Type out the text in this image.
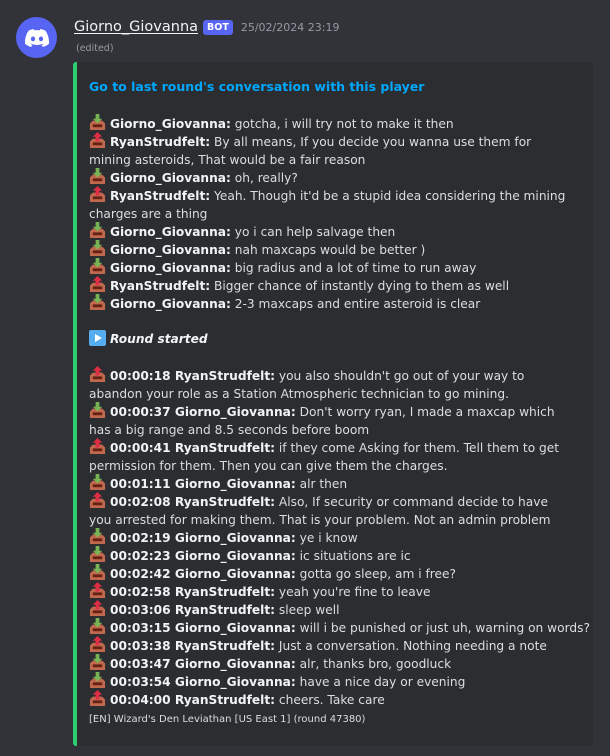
Giorno_Giovanna BOT	25/02/2024 23:19
(edited)
Go to last round's conversation with this player
Giorno_Giovanna: gotcha, i will try not to make it then
RyanStrudfelt: By all means, If you decide you wanna use them for mining asteroids, That would be a fair reason
Giorno_Giovanna: oh, really?
RyanStrudfelt: Yeah. Though it'd be a stupid idea considering the mining charges are a thing
Giorno_Giovanna: yo i can help salvage then
Giorno_Giovanna: nah maxcaps would be better )
Giorno_Giovanna: big radius and a lot of time to run away
RyanStrudfelt: Bigger chance of instantly dying to them as well
Giorno_Giovanna: 2-3 maxcaps and entire asteroid is clear
Round started
00:00:18 RyanStrudfelt: you also shouldn't go out of your way to abandon your role as a Station Atmospheric technician to go mining.
00:00:37 Giorno_Giovanna: Don't worry ryan, I made a maxcap which has a big range and 8.5 seconds before boom
00:00:41 RyanStrudfelt: if they come Asking for them. Tell them to get permission for them. Then you can give them the charges.
00:01:11 Giorno_Giovanna: alr then
00:02:08 RyanStrudfelt: Also, If security or command decide to have you arrested for making them. That is your problem. Not an admin problem
00:02:19 Giorno_Giovanna: ye i know
00:02:23 Giorno_Giovanna: ic situations are ic
00:02:42 Giorno_Giovanna: gotta go sleep, am i free?
00:02:58 RyanStrudfelt: yeah you're fine to leave
00:03:06 RyanStrudfelt: sleep well
00:03:15 Giorno_Giovanna: will i be punished or just uh, warning on words?
00:03:38 RyanStrudfelt: Just a conversation. Nothing needing a note
00:03:47 Giorno_Giovanna: alr, thanks bro, goodluck
00:03:54 Giorno_Giovanna: have a nice day or evening
00:04:00 RyanStrudfelt: cheers. Take care
[EN] Wizard's Den Leviathan [US East 1] (round 47380)
